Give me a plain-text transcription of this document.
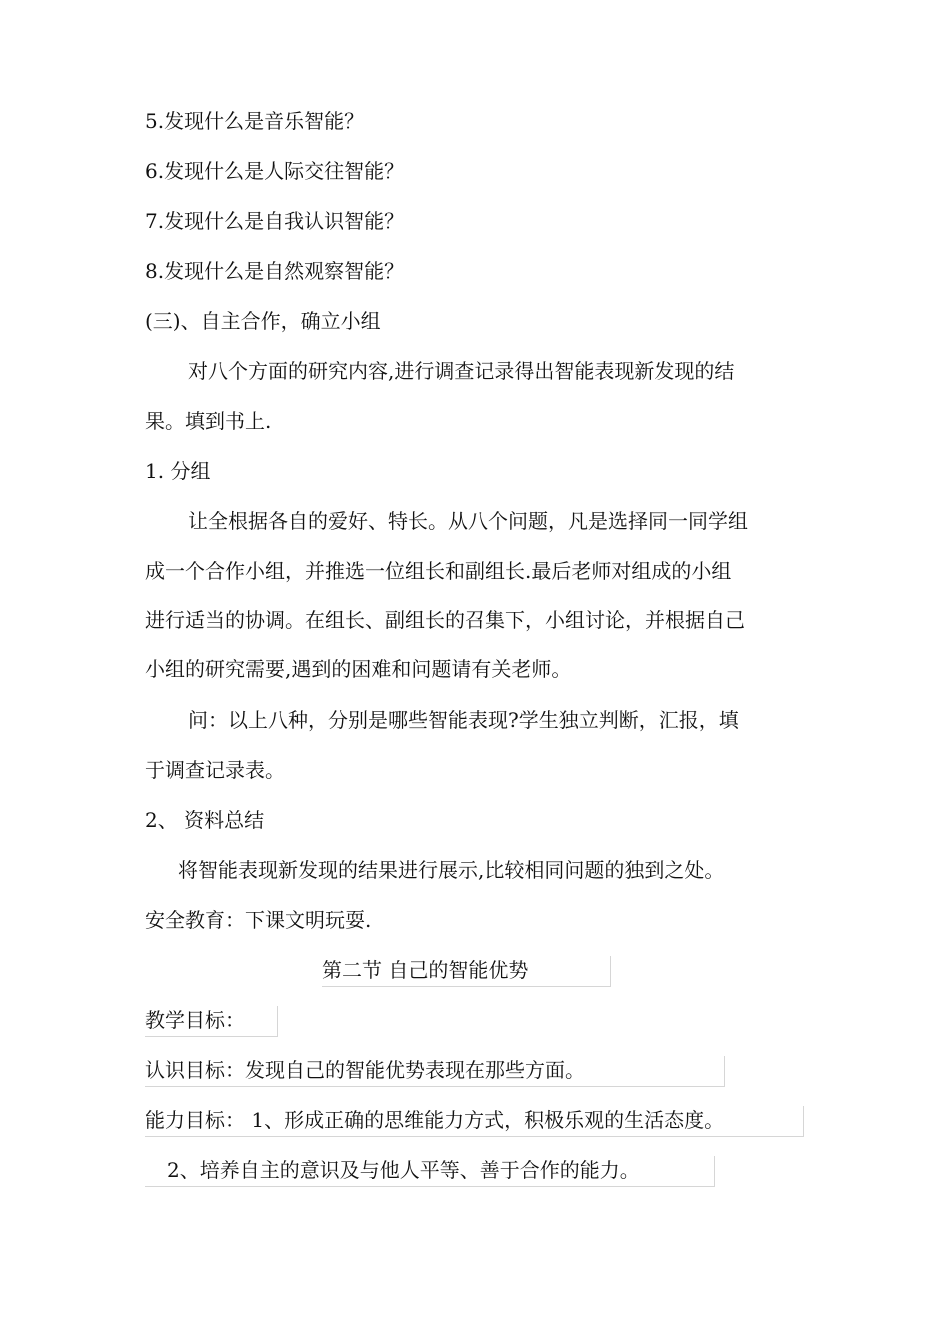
5.发现什么是音乐智能？
6.发现什么是人际交往智能？
7.发现什么是自我认识智能？
8.发现什么是自然观察智能？
(三)、自主合作，确立小组
对八个方面的研究内容,进行调查记录得出智能表现新发现的结
果。填到书上.
1. 分组
让全根据各自的爱好、特长。从八个问题，凡是选择同一同学组
成一个合作小组，并推选一位组长和副组长.最后老师对组成的小组
进行适当的协调。在组长、副组长的召集下，小组讨论，并根据自己
小组的研究需要,遇到的困难和问题请有关老师。
问：以上八种，分别是哪些智能表现?学生独立判断，汇报，填
于调查记录表。
2、 资料总结
将智能表现新发现的结果进行展示,比较相同问题的独到之处。
安全教育：下课文明玩耍.
第二节 自己的智能优势
教学目标：
认识目标：发现自己的智能优势表现在那些方面。
能力目标： 1、形成正确的思维能力方式，积极乐观的生活态度。
2、培养自主的意识及与他人平等、善于合作的能力。
